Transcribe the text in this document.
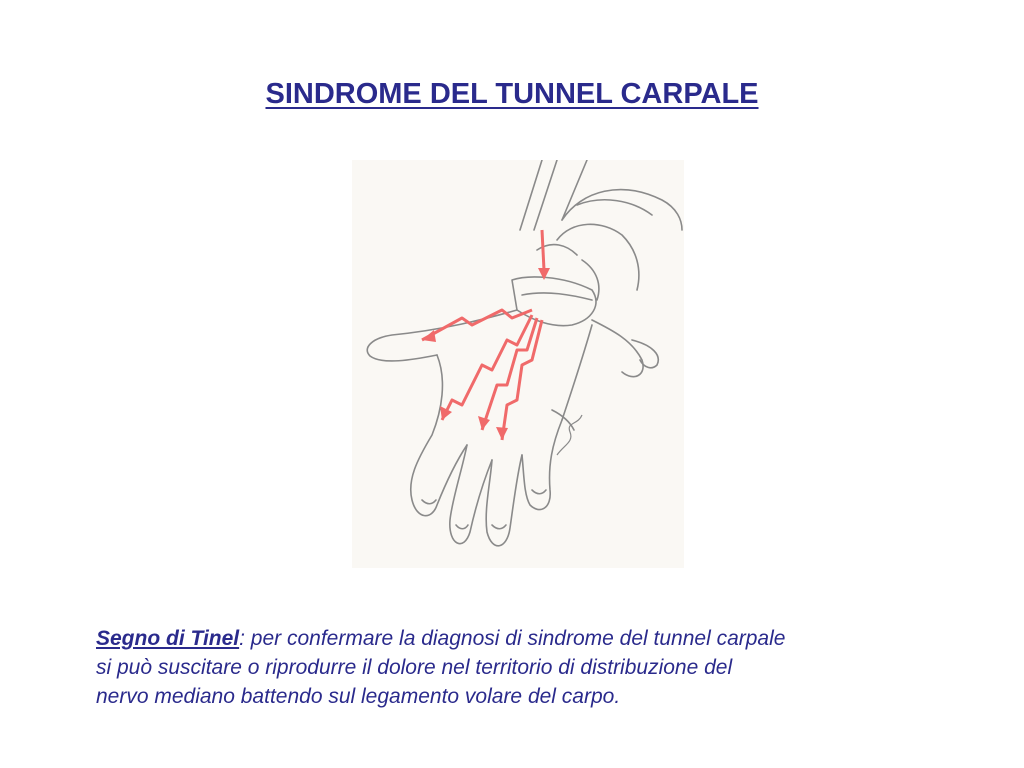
SINDROME DEL TUNNEL CARPALE
Segno di Tinel: per confermare la diagnosi di sindrome del tunnel carpale
si può suscitare o riprodurre il dolore nel territorio di distribuzione del
nervo mediano battendo sul legamento volare del carpo.
